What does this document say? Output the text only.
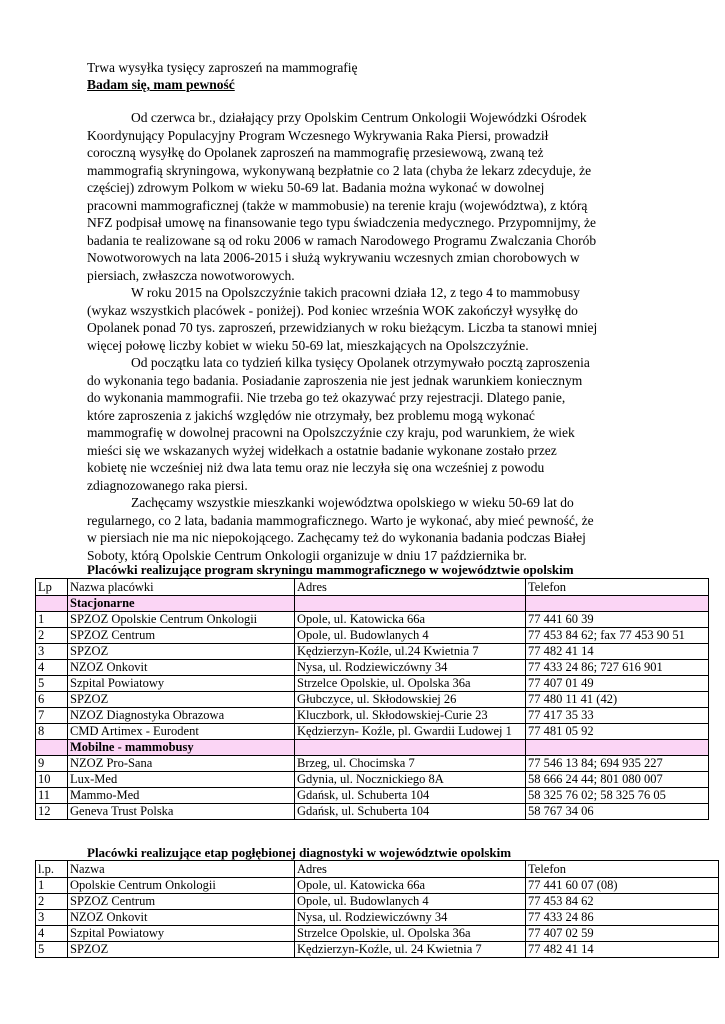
Trwa wysyłka tysięcy zaproszeń na mammografię
Badam się, mam pewność
Od czerwca br., działający przy Opolskim Centrum Onkologii Wojewódzki Ośrodek
Koordynujący Populacyjny Program Wczesnego Wykrywania Raka Piersi, prowadził
coroczną wysyłkę do Opolanek zaproszeń na mammografię przesiewową, zwaną też
mammografią skryningowa, wykonywaną bezpłatnie co 2 lata (chyba że lekarz zdecyduje, że
częściej) zdrowym Polkom w wieku 50-69 lat. Badania można wykonać w dowolnej
pracowni mammograficznej (także w mammobusie) na terenie kraju (województwa), z którą
NFZ podpisał umowę na finansowanie tego typu świadczenia medycznego. Przypomnijmy, że
badania te realizowane są od roku 2006 w ramach Narodowego Programu Zwalczania Chorób
Nowotworowych na lata 2006-2015 i służą wykrywaniu wczesnych zmian chorobowych w
piersiach, zwłaszcza nowotworowych.
W roku 2015 na Opolszczyźnie takich pracowni działa 12, z tego 4 to mammobusy
(wykaz wszystkich placówek - poniżej). Pod koniec września WOK zakończył wysyłkę do
Opolanek ponad 70 tys. zaproszeń, przewidzianych w roku bieżącym. Liczba ta stanowi mniej
więcej połowę liczby kobiet w wieku 50-69 lat, mieszkających na Opolszczyźnie.
Od początku lata co tydzień kilka tysięcy Opolanek otrzymywało pocztą zaproszenia
do wykonania tego badania. Posiadanie zaproszenia nie jest jednak warunkiem koniecznym
do wykonania mammografii. Nie trzeba go też okazywać przy rejestracji. Dlatego panie,
które zaproszenia z jakichś względów nie otrzymały, bez problemu mogą wykonać
mammografię w dowolnej pracowni na Opolszczyźnie czy kraju, pod warunkiem, że wiek
mieści się we wskazanych wyżej widełkach a ostatnie badanie wykonane zostało przez
kobietę nie wcześniej niż dwa lata temu oraz nie leczyła się ona wcześniej z powodu
zdiagnozowanego raka piersi.
Zachęcamy wszystkie mieszkanki województwa opolskiego w wieku 50-69 lat do
regularnego, co 2 lata, badania mammograficznego. Warto je wykonać, aby mieć pewność, że
w piersiach nie ma nic niepokojącego. Zachęcamy też do wykonania badania podczas Białej
Soboty, którą Opolskie Centrum Onkologii organizuje w dniu 17 października br.
Placówki realizujące program skryningu mammograficznego w województwie opolskim
Lp	Nazwa placówki	Adres	Telefon
	Stacjonarne		
1	SPZOZ Opolskie Centrum Onkologii	Opole, ul. Katowicka 66a	77 441 60 39
2	SPZOZ Centrum	Opole, ul. Budowlanych 4	77 453 84 62; fax 77 453 90 51
3	SPZOZ	Kędzierzyn-Koźle, ul.24 Kwietnia 7	77 482 41 14
4	NZOZ Onkovit	Nysa, ul. Rodziewiczówny 34	77 433 24 86; 727 616 901
5	Szpital Powiatowy	Strzelce Opolskie, ul. Opolska 36a	77 407 01 49
6	SPZOZ	Głubczyce, ul. Skłodowskiej 26	77 480 11 41 (42)
7	NZOZ Diagnostyka Obrazowa	Kluczbork, ul. Skłodowskiej-Curie 23	77 417 35 33
8	CMD Artimex - Eurodent	Kędzierzyn- Koźle, pl. Gwardii Ludowej 1	77 481 05 92
	Mobilne - mammobusy		
9	NZOZ Pro-Sana	Brzeg, ul. Chocimska 7	77 546 13 84; 694 935 227
10	Lux-Med	Gdynia, ul. Nocznickiego 8A	58 666 24 44; 801 080 007
11	Mammo-Med	Gdańsk, ul. Schuberta 104	58 325 76 02; 58 325 76 05
12	Geneva Trust Polska	Gdańsk, ul. Schuberta 104	58 767 34 06
Placówki realizujące etap pogłębionej diagnostyki w województwie opolskim
l.p.	Nazwa	Adres	Telefon
1	Opolskie Centrum Onkologii	Opole, ul. Katowicka 66a	77 441 60 07 (08)
2	SPZOZ Centrum	Opole, ul. Budowlanych 4	77 453 84 62
3	NZOZ Onkovit	Nysa, ul. Rodziewiczówny 34	77 433 24 86
4	Szpital Powiatowy	Strzelce Opolskie, ul. Opolska 36a	77 407 02 59
5	SPZOZ	Kędzierzyn-Koźle, ul. 24 Kwietnia 7	77 482 41 14
